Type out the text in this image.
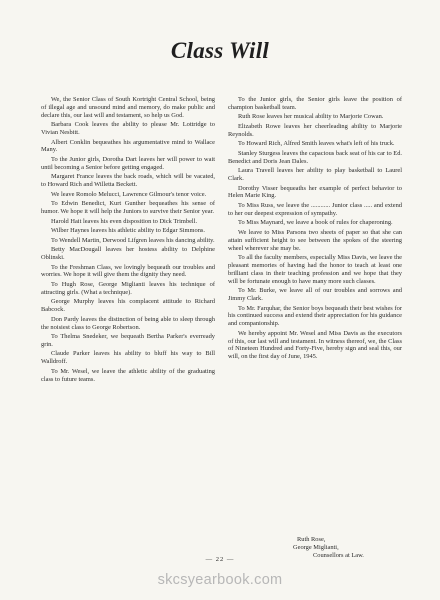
Class Will

We, the Senior Class of South Kortright Central School, being of illegal age and unsound mind and memory, do make public and declare this, our last will and testament, so help us God.

Barbara Cook leaves the ability to please Mr. Lottridge to Vivian Nesbitt.

Albert Conklin bequeathes his argumentative mind to Wallace Many.

To the Junior girls, Dorotha Dart leaves her will power to wait until becoming a Senior before getting engaged.

Margaret France leaves the back roads, which will be vacated, to Howard Rich and Willetta Beckett.

We leave Romolo Melucci, Lawrence Gilmour's tenor voice.

To Edwin Benedict, Kurt Gunther bequeathes his sense of humor. We hope it will help the Juniors to survive their Senior year.

Harold Hait leaves his even disposition to Dick Trimbell.

Wilber Haynes leaves his athletic ability to Edgar Simmons.

To Wendell Martin, Derwood Lifgren leaves his dancing ability.

Betty MacDougall leaves her hostess ability to Delphine Oblinski.

To the Freshman Class, we lovingly bequeath our troubles and worries. We hope it will give them the dignity they need.

To Hugh Rose, George Miglianti leaves his technique of attracting girls. (What a technique).

George Murphy leaves his complacent attitude to Richard Babcock.

Don Pardy leaves the distinction of being able to sleep through the noisiest class to George Robertson.

To Thelma Snedeker, we bequeath Bertha Parker's everready grin.

Claude Parker leaves his ability to bluff his way to Bill Walldroff.

To Mr. Wesel, we leave the athletic ability of the graduating class to future teams.

To the Junior girls, the Senior girls leave the position of champion basketball team.

Ruth Rose leaves her musical ability to Marjorie Cowan.

Elizabeth Rowe leaves her cheerleading ability to Marjorie Reynolds.

To Howard Rich, Alfred Smith leaves what's left of his truck.

Stanley Sturgess leaves the capacious back seat of his car to Ed. Benedict and Doris Jean Dales.

Laura Travell leaves her ability to play basketball to Laurel Clark.

Dorothy Visser bequeaths her example of perfect behavior to Helen Marie King.

To Miss Russ, we leave the ............ Junior class ..... and extend to her our deepest expression of sympathy.

To Miss Maynard, we leave a book of rules for chaperoning.

We leave to Miss Parsons two sheets of paper so that she can attain sufficient height to see between the spokes of the steering wheel wherever she may be.

To all the faculty members, especially Miss Davis, we leave the pleasant memories of having had the honor to teach at least one brilliant class in their teaching profession and we hope that they will be fortunate enough to have many more such classes.

To Mr. Burke, we leave all of our troubles and sorrows and Jimmy Clark.

To Mr. Farquhar, the Senior boys bequeath their best wishes for his continued success and extend their appreciation for his guidance and companionship.

We hereby appoint Mr. Wesel and Miss Davis as the executors of this, our last will and testament. In witness thereof, we, the Class of Nineteen Hundred and Forty-Five, hereby sign and seal this, our will, on the first day of June, 1945.

Ruth Rose,
George Miglianti,
Counsellors at Law.
— 22 —
skcsyearbook.com
